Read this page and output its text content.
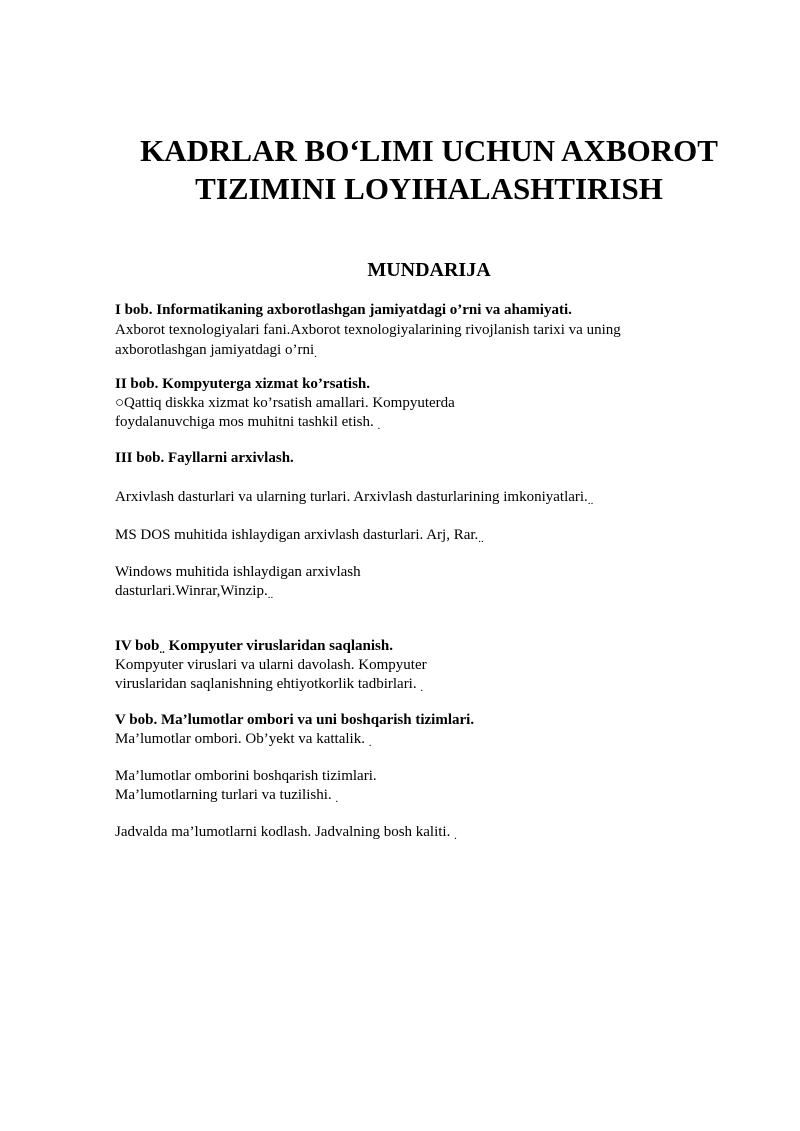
KADRLAR BO‘LIMI UCHUN AXBOROT
TIZIMINI LOYIHALASHTIRISH
MUNDARIJA

I bob. Informatikaning axborotlashgan jamiyatdagi o’rni va ahamiyati.

Axborot texnologiyalari fani.Axborot texnologiyalarining rivojlanish tarixi va uning

axborotlashgan jamiyatdagi o’rni$_.$

II bob. Kompyuterga xizmat ko’rsatish.

○Qattiq diskka xizmat ko’rsatish amallari. Kompyuterda

foydalanuvchiga mos muhitni tashkil etish. $_.$

III bob. Fayllarni arxivlash.

Arxivlash dasturlari va ularning turlari. Arxivlash dasturlarining $imkoniyatlari._{..}$

MS DOS muhitida ishlaydigan arxivlash dasturlari. Arj, $Rar._{..}$

Windows muhitida ishlaydigan arxivlash

$dasturlari.Winrar,Winzip._{..}$

IV bob$_{..}$ Kompyuter viruslaridan saqlanish.

Kompyuter viruslari va ularni davolash. Kompyuter

viruslaridan saqlanishning ehtiyotkorlik tadbirlari. $_.$

V bob. Ma’lumotlar ombori va uni boshqarish tizimlari.

Ma’lumotlar ombori. Ob’yekt va kattalik. $_.$

Ma’lumotlar omborini boshqarish tizimlari.

Ma’lumotlarning turlari va tuzilishi. $_.$

Jadvalda ma’lumotlarni kodlash. Jadvalning bosh kaliti. $_.$
